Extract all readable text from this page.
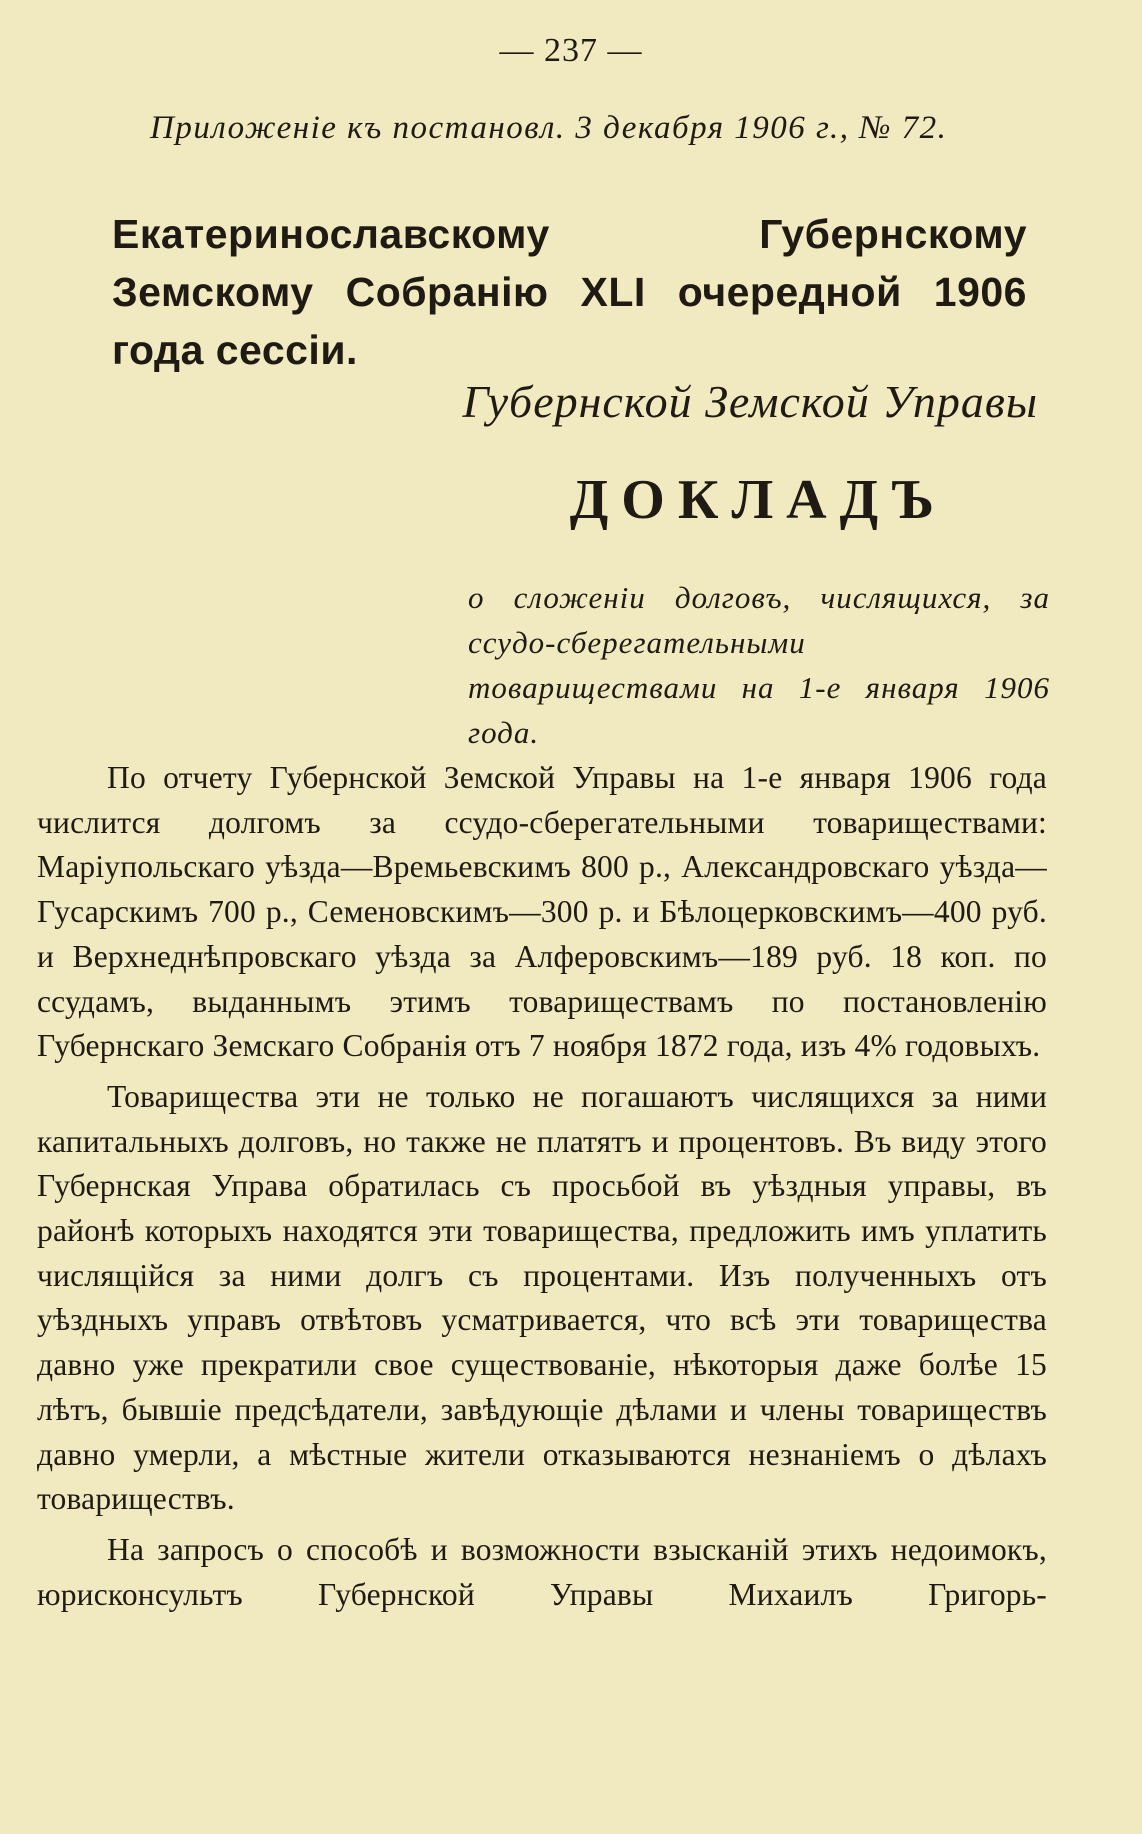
— 237 —
Приложеніе къ постановл. 3 декабря 1906 г., № 72.
Екатеринославскому Губернскому Земскому Собранію XLI очередной 1906 года сессіи.
Губернской Земской Управы
ДОКЛАДЪ
о сложеніи долговъ, числящихся, за ссудо-сберегательными товариществами на 1-е января 1906 года.

По отчету Губернской Земской Управы на 1-е января 1906 года числится долгомъ за ссудо-сберегательными товариществами: Маріупольскаго уѣзда—Времьевскимъ 800 р., Александровскаго уѣзда—Гусарскимъ 700 р., Семеновскимъ—300 р. и Бѣлоцерковскимъ—400 руб. и Верхнеднѣпровскаго уѣзда за Алферовскимъ—189 руб. 18 коп. по ссудамъ, выданнымъ этимъ товариществамъ по постановленію Губернскаго Земскаго Собранія отъ 7 ноября 1872 года, изъ 4% годовыхъ.

Товарищества эти не только не погашаютъ числящихся за ними капитальныхъ долговъ, но также не платятъ и процентовъ. Въ виду этого Губернская Управа обратилась съ просьбой въ уѣздныя управы, въ районѣ которыхъ находятся эти товарищества, предложить имъ уплатить числящійся за ними долгъ съ процентами. Изъ полученныхъ отъ уѣздныхъ управъ отвѣтовъ усматривается, что всѣ эти товарищества давно уже прекратили свое существованіе, нѣкоторыя даже болѣе 15 лѣтъ, бывшіе предсѣдатели, завѣдующіе дѣлами и члены товариществъ давно умерли, а мѣстные жители отказываются незнаніемъ о дѣлахъ товариществъ.

На запросъ о способѣ и возможности взысканій этихъ недоимокъ, юрисконсультъ Губернской Управы Михаилъ Григорь-
